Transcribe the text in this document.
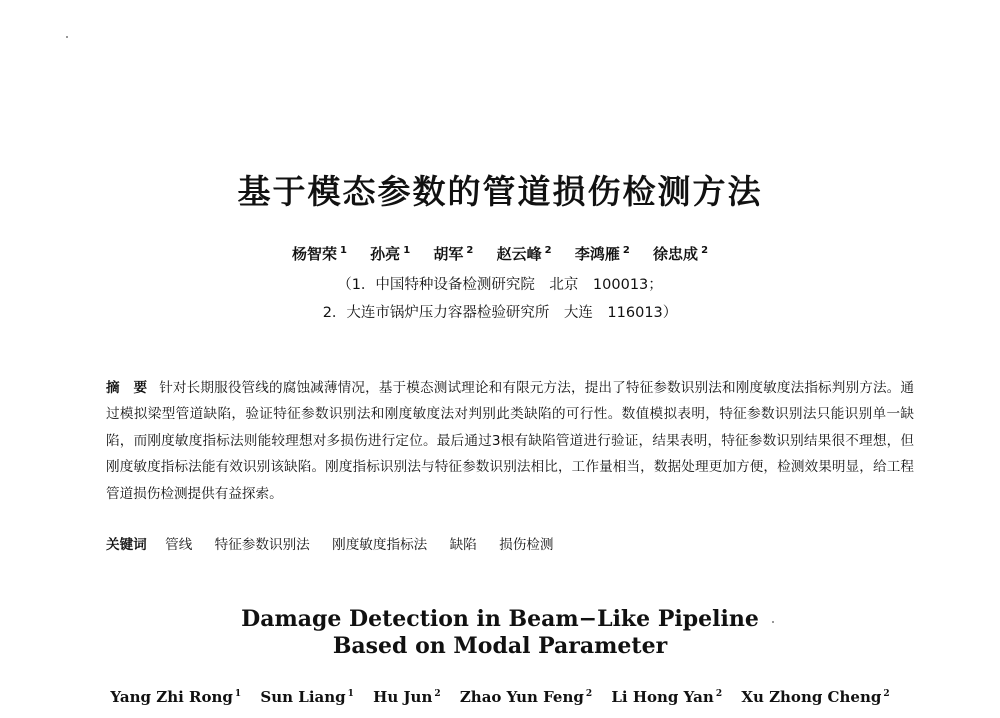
基于模态参数的管道损伤检测方法
杨智荣 $^1$ 孙亮 $^1$ 胡军 $^2$ 赵云峰 $^2$ 李鸿雁 $^2$ 徐忠成 $^2$
（1．中国特种设备检测研究院　北京　100013；
2．大连市锅炉压力容器检验研究所　大连　116013）
摘　要 针对长期服役管线的腐蚀减薄情况，基于模态测试理论和有限元方法，提出了特征参数识别法和刚度敏度法指标判别方法。通过模拟梁型管道缺陷，验证特征参数识别法和刚度敏度法对判别此类缺陷的可行性。数值模拟表明，特征参数识别法只能识别单一缺陷，而刚度敏度指标法则能较理想对多损伤进行定位。最后通过3根有缺陷管道进行验证，结果表明，特征参数识别结果很不理想，但刚度敏度指标法能有效识别该缺陷。刚度指标识别法与特征参数识别法相比，工作量相当，数据处理更加方便，检测效果明显，给工程管道损伤检测提供有益探索。
关键词 管线 特征参数识别法 刚度敏度指标法 缺陷 损伤检测
Damage Detection in Beam−Like Pipeline
Based on Modal Parameter
Yang Zhi Rong $^1$ Sun Liang $^1$ Hu Jun $^2$ Zhao Yun Feng $^2$ Li Hong Yan $^2$ Xu Zhong Cheng $^2$
